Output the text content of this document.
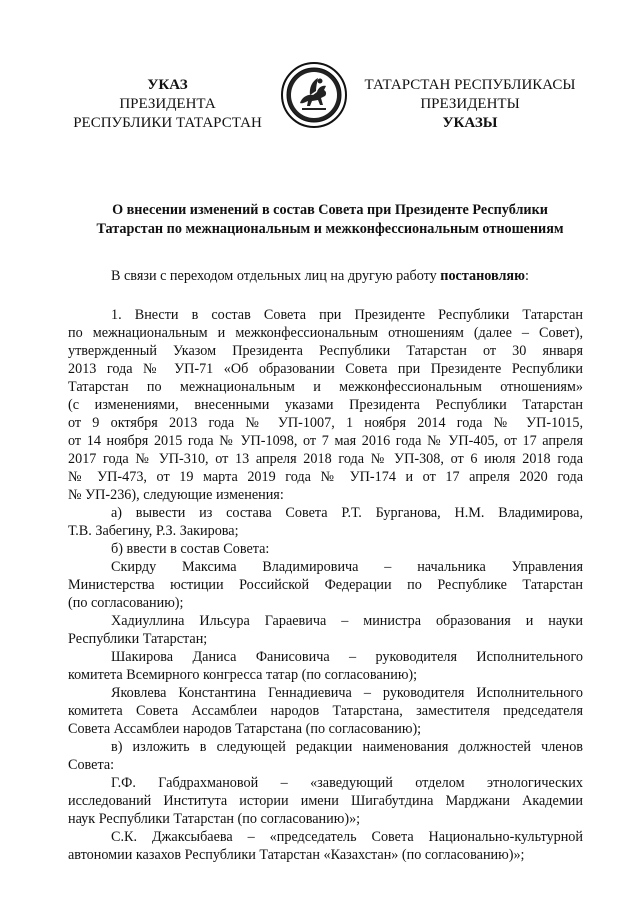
УКАЗ
ПРЕЗИДЕНТА
РЕСПУБЛИКИ ТАТАРСТАН
ТАТАРСТАН РЕСПУБЛИКАСЫ
ПРЕЗИДЕНТЫ
УКАЗЫ
О внесении изменений в состав Совета при Президенте Республики
Татарстан по межнациональным и межконфессиональным отношениям
В связи с переходом отдельных лиц на другую работу постановляю:
1. Внести в состав Совета при Президенте Республики Татарстан
по межнациональным и межконфессиональным отношениям (далее – Совет),
утвержденный Указом Президента Республики Татарстан от 30 января
2013 года № УП-71 «Об образовании Совета при Президенте Республики
Татарстан по межнациональным и межконфессиональным отношениям»
(с изменениями, внесенными указами Президента Республики Татарстан
от 9 октября 2013 года № УП-1007, 1 ноября 2014 года № УП-1015,
от 14 ноября 2015 года № УП-1098, от 7 мая 2016 года № УП-405, от 17 апреля
2017 года № УП-310, от 13 апреля 2018 года № УП-308, от 6 июля 2018 года
№ УП-473, от 19 марта 2019 года № УП-174 и от 17 апреля 2020 года
№ УП-236), следующие изменения:
а) вывести из состава Совета Р.Т. Бурганова, Н.М. Владимирова,
Т.В. Забегину, Р.З. Закирова;
б) ввести в состав Совета:
Скирду Максима Владимировича – начальника Управления
Министерства юстиции Российской Федерации по Республике Татарстан
(по согласованию);
Хадиуллина Ильсура Гараевича – министра образования и науки
Республики Татарстан;
Шакирова Даниса Фанисовича – руководителя Исполнительного
комитета Всемирного конгресса татар (по согласованию);
Яковлева Константина Геннадиевича – руководителя Исполнительного
комитета Совета Ассамблеи народов Татарстана, заместителя председателя
Совета Ассамблеи народов Татарстана (по согласованию);
в) изложить в следующей редакции наименования должностей членов
Совета:
Г.Ф. Габдрахмановой – «заведующий отделом этнологических
исследований Института истории имени Шигабутдина Марджани Академии
наук Республики Татарстан (по согласованию)»;
С.К. Джаксыбаева – «председатель Совета Национально-культурной
автономии казахов Республики Татарстан «Казахстан» (по согласованию)»;
